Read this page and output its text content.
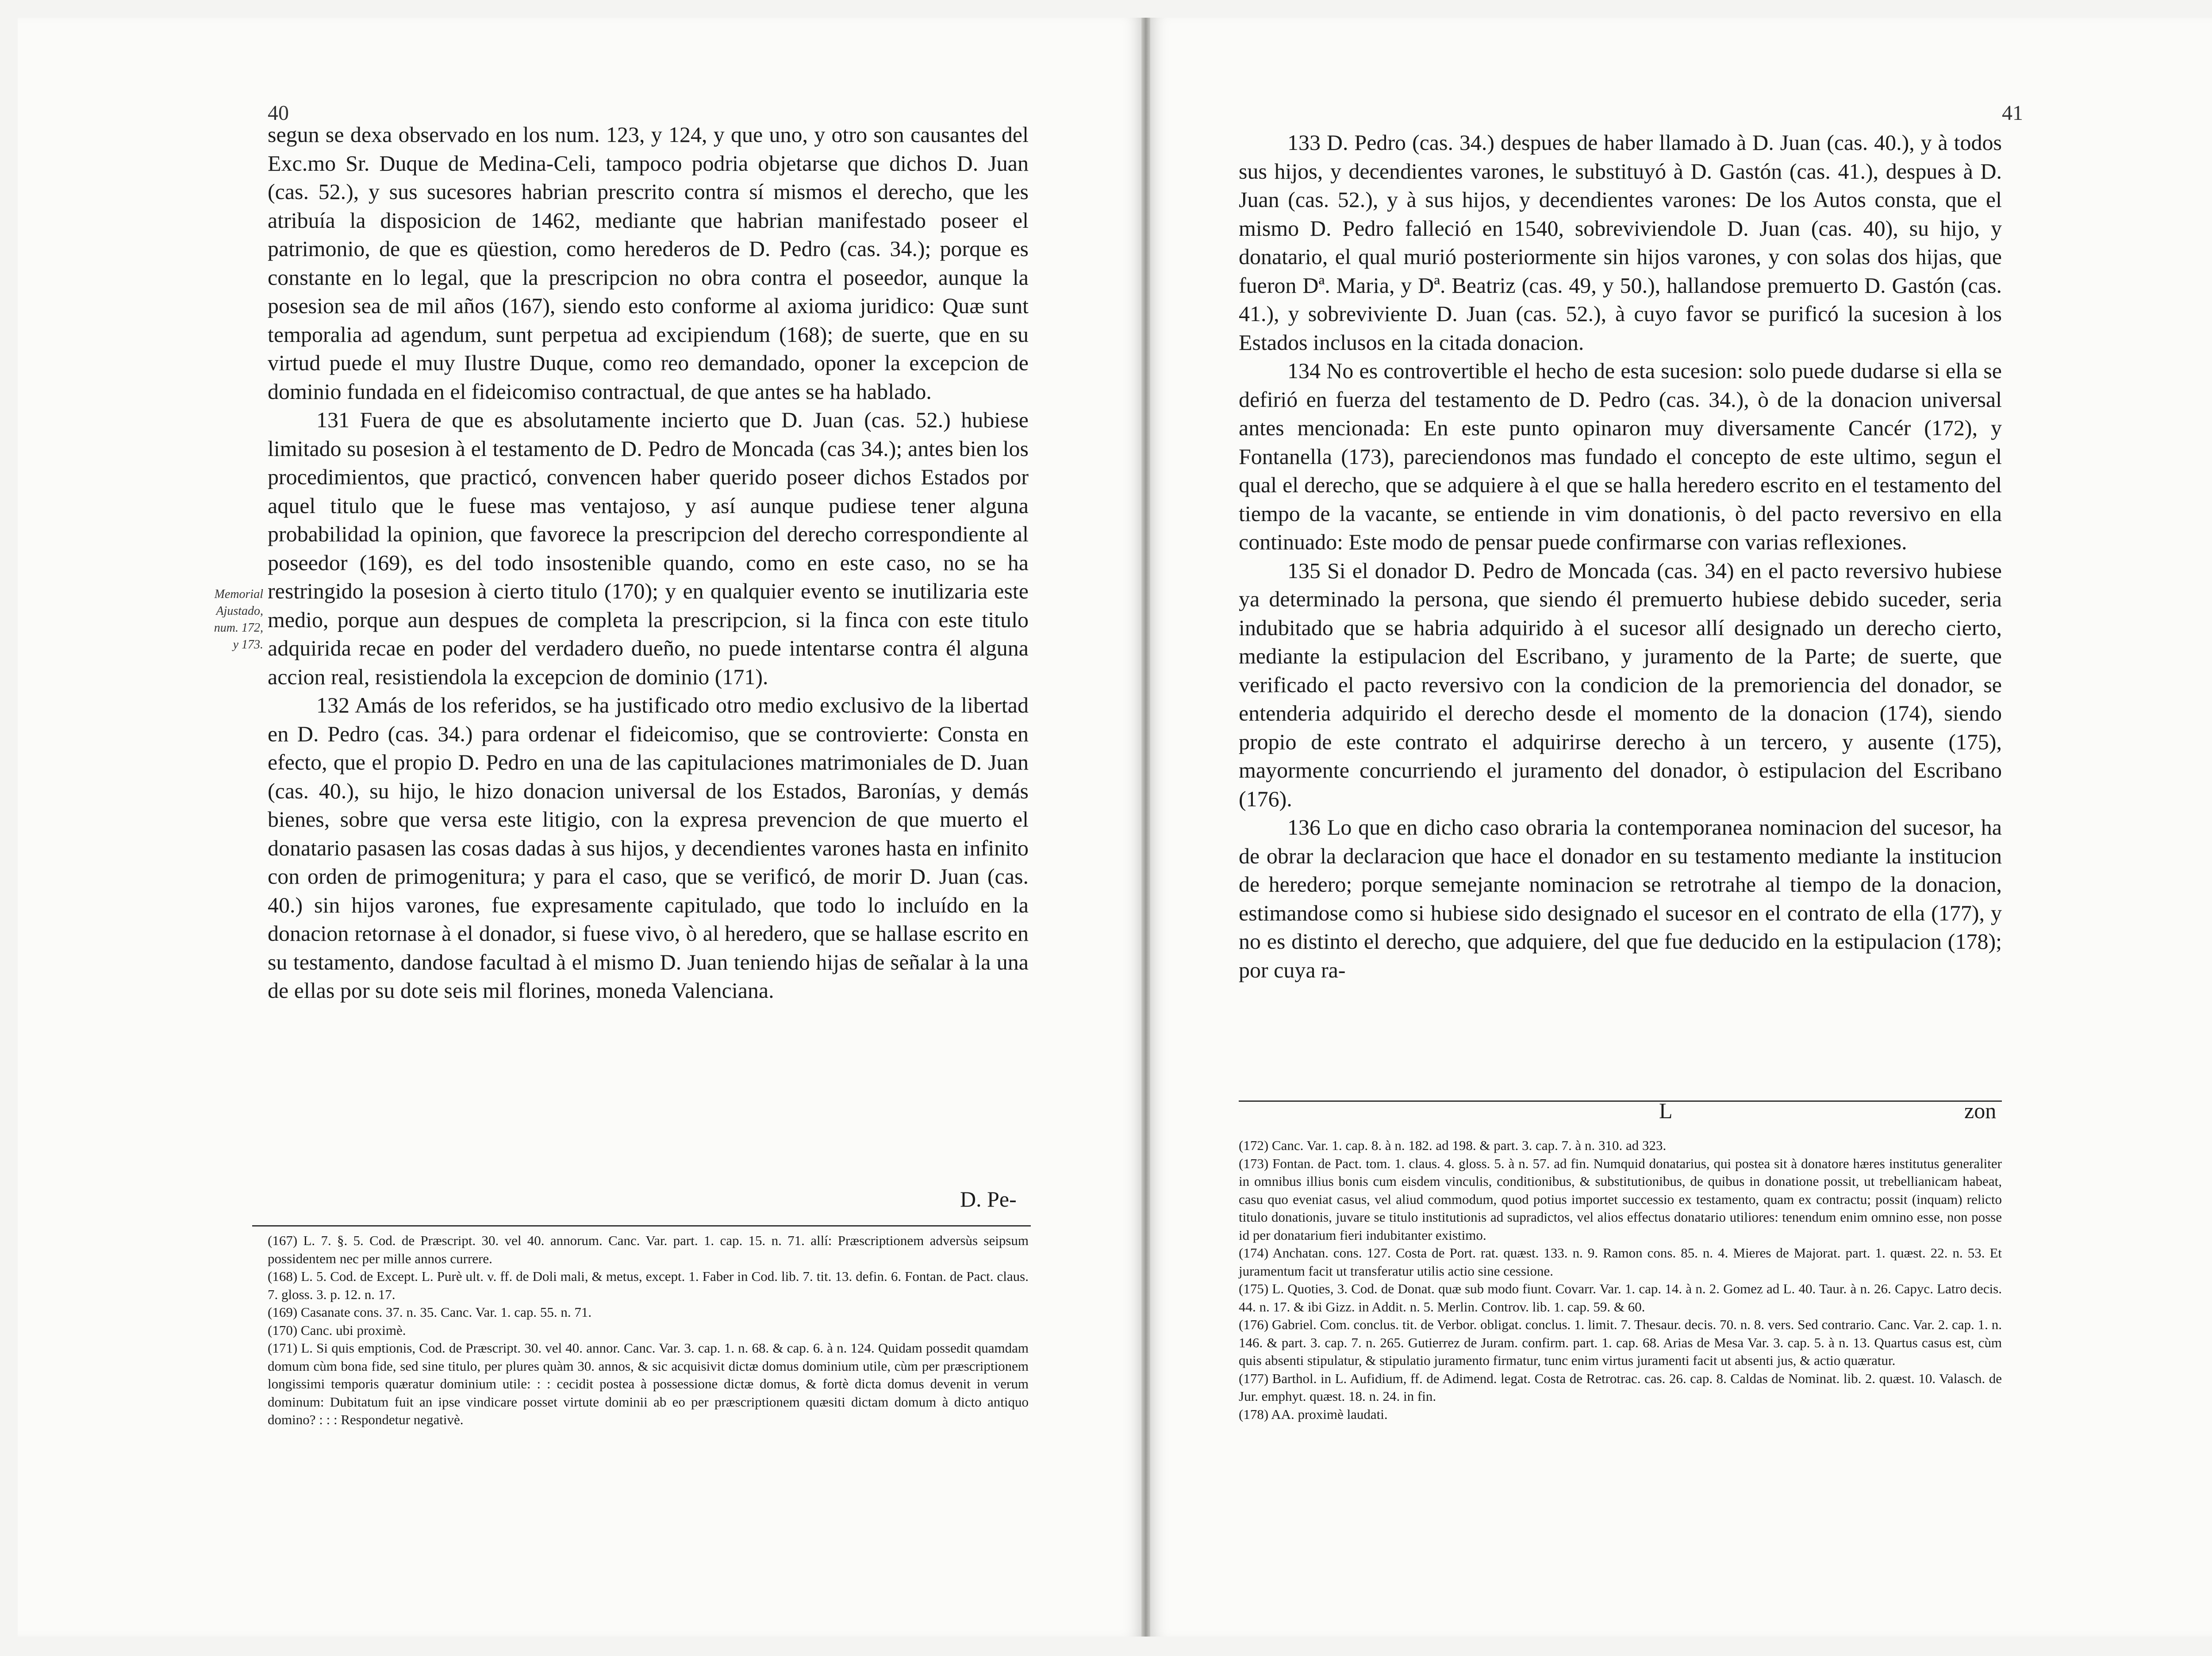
40
Memorial
Ajustado,
num. 172,
y 173.

segun se dexa observado en los num. 123, y 124, y que uno, y otro son causantes del Exc.mo Sr. Duque de Medina-Celi, tampoco podria objetarse que dichos D. Juan (cas. 52.), y sus sucesores habrian prescrito contra sí mismos el derecho, que les atribuía la disposicion de 1462, mediante que habrian manifestado poseer el patrimonio, de que es qüestion, como herederos de D. Pedro (cas. 34.); porque es constante en lo legal, que la prescripcion no obra contra el poseedor, aunque la posesion sea de mil años (167), siendo esto conforme al axioma juridico: Quæ sunt temporalia ad agendum, sunt perpetua ad excipiendum (168); de suerte, que en su virtud puede el muy Ilustre Duque, como reo demandado, oponer la excepcion de dominio fundada en el fideicomiso contractual, de que antes se ha hablado.

131 Fuera de que es absolutamente incierto que D. Juan (cas. 52.) hubiese limitado su posesion à el testamento de D. Pedro de Moncada (cas 34.); antes bien los procedimientos, que practicó, convencen haber querido poseer dichos Estados por aquel titulo que le fuese mas ventajoso, y así aunque pudiese tener alguna probabilidad la opinion, que favorece la prescripcion del derecho correspondiente al poseedor (169), es del todo insostenible quando, como en este caso, no se ha restringido la posesion à cierto titulo (170); y en qualquier evento se inutilizaria este medio, porque aun despues de completa la prescripcion, si la finca con este titulo adquirida recae en poder del verdadero dueño, no puede intentarse contra él alguna accion real, resistiendola la excepcion de dominio (171).

132 Amás de los referidos, se ha justificado otro medio exclusivo de la libertad en D. Pedro (cas. 34.) para ordenar el fideicomiso, que se controvierte: Consta en efecto, que el propio D. Pedro en una de las capitulaciones matrimoniales de D. Juan (cas. 40.), su hijo, le hizo donacion universal de los Estados, Baronías, y demás bienes, sobre que versa este litigio, con la expresa prevencion de que muerto el donatario pasasen las cosas dadas à sus hijos, y decendientes varones hasta en infinito con orden de primogenitura; y para el caso, que se verificó, de morir D. Juan (cas. 40.) sin hijos varones, fue expresamente capitulado, que todo lo incluído en la donacion retornase à el donador, si fuese vivo, ò al heredero, que se hallase escrito en su testamento, dandose facultad à el mismo D. Juan teniendo hijas de señalar à la una de ellas por su dote seis mil florines, moneda Valenciana.

D. Pe-

(167) L. 7. §. 5. Cod. de Præscript. 30. vel 40. annorum. Canc. Var. part. 1. cap. 15. n. 71. allí: Præscriptionem adversùs seipsum possidentem nec per mille annos currere.

(168) L. 5. Cod. de Except. L. Purè ult. v. ff. de Doli mali, & metus, except. 1. Faber in Cod. lib. 7. tit. 13. defin. 6. Fontan. de Pact. claus. 7. gloss. 3. p. 12. n. 17.

(169) Casanate cons. 37. n. 35. Canc. Var. 1. cap. 55. n. 71.

(170) Canc. ubi proximè.

(171) L. Si quis emptionis, Cod. de Præscript. 30. vel 40. annor. Canc. Var. 3. cap. 1. n. 68. & cap. 6. à n. 124. Quidam possedit quamdam domum cùm bona fide, sed sine titulo, per plures quàm 30. annos, & sic acquisivit dictæ domus dominium utile, cùm per præscriptionem longissimi temporis quæratur dominium utile: : : cecidit postea à possessione dictæ domus, & fortè dicta domus devenit in verum dominum: Dubitatum fuit an ipse vindicare posset virtute dominii ab eo per præscriptionem quæsiti dictam domum à dicto antiquo domino? : : : Respondetur negativè.

41

133 D. Pedro (cas. 34.) despues de haber llamado à D. Juan (cas. 40.), y à todos sus hijos, y decendientes varones, le substituyó à D. Gastón (cas. 41.), despues à D. Juan (cas. 52.), y à sus hijos, y decendientes varones: De los Autos consta, que el mismo D. Pedro falleció en 1540, sobreviviendole D. Juan (cas. 40), su hijo, y donatario, el qual murió posteriormente sin hijos varones, y con solas dos hijas, que fueron Dª. Maria, y Dª. Beatriz (cas. 49, y 50.), hallandose premuerto D. Gastón (cas. 41.), y sobreviviente D. Juan (cas. 52.), à cuyo favor se purificó la sucesion à los Estados inclusos en la citada donacion.

134 No es controvertible el hecho de esta sucesion: solo puede dudarse si ella se defirió en fuerza del testamento de D. Pedro (cas. 34.), ò de la donacion universal antes mencionada: En este punto opinaron muy diversamente Cancér (172), y Fontanella (173), pareciendonos mas fundado el concepto de este ultimo, segun el qual el derecho, que se adquiere à el que se halla heredero escrito en el testamento del tiempo de la vacante, se entiende in vim donationis, ò del pacto reversivo en ella continuado: Este modo de pensar puede confirmarse con varias reflexiones.

135 Si el donador D. Pedro de Moncada (cas. 34) en el pacto reversivo hubiese ya determinado la persona, que siendo él premuerto hubiese debido suceder, seria indubitado que se habria adquirido à el sucesor allí designado un derecho cierto, mediante la estipulacion del Escribano, y juramento de la Parte; de suerte, que verificado el pacto reversivo con la condicion de la premoriencia del donador, se entenderia adquirido el derecho desde el momento de la donacion (174), siendo propio de este contrato el adquirirse derecho à un tercero, y ausente (175), mayormente concurriendo el juramento del donador, ò estipulacion del Escribano (176).

136 Lo que en dicho caso obraria la contemporanea nominacion del sucesor, ha de obrar la declaracion que hace el donador en su testamento mediante la institucion de heredero; porque semejante nominacion se retrotrahe al tiempo de la donacion, estimandose como si hubiese sido designado el sucesor en el contrato de ella (177), y no es distinto el derecho, que adquiere, del que fue deducido en la estipulacion (178); por cuya ra-

L	zon

(172) Canc. Var. 1. cap. 8. à n. 182. ad 198. & part. 3. cap. 7. à n. 310. ad 323.

(173) Fontan. de Pact. tom. 1. claus. 4. gloss. 5. à n. 57. ad fin. Numquid donatarius, qui postea sit à donatore hæres institutus generaliter in omnibus illius bonis cum eisdem vinculis, conditionibus, & substitutionibus, de quibus in donatione possit, ut trebellianicam habeat, casu quo eveniat casus, vel aliud commodum, quod potius importet successio ex testamento, quam ex contractu; possit (inquam) relicto titulo donationis, juvare se titulo institutionis ad supradictos, vel alios effectus donatario utiliores: tenendum enim omnino esse, non posse id per donatarium fieri indubitanter existimo.

(174) Anchatan. cons. 127. Costa de Port. rat. quæst. 133. n. 9. Ramon cons. 85. n. 4. Mieres de Majorat. part. 1. quæst. 22. n. 53. Et juramentum facit ut transferatur utilis actio sine cessione.

(175) L. Quoties, 3. Cod. de Donat. quæ sub modo fiunt. Covarr. Var. 1. cap. 14. à n. 2. Gomez ad L. 40. Taur. à n. 26. Capyc. Latro decis. 44. n. 17. & ibi Gizz. in Addit. n. 5. Merlin. Controv. lib. 1. cap. 59. & 60.

(176) Gabriel. Com. conclus. tit. de Verbor. obligat. conclus. 1. limit. 7. Thesaur. decis. 70. n. 8. vers. Sed contrario. Canc. Var. 2. cap. 1. n. 146. & part. 3. cap. 7. n. 265. Gutierrez de Juram. confirm. part. 1. cap. 68. Arias de Mesa Var. 3. cap. 5. à n. 13. Quartus casus est, cùm quis absenti stipulatur, & stipulatio juramento firmatur, tunc enim virtus juramenti facit ut absenti jus, & actio quæratur.

(177) Barthol. in L. Aufidium, ff. de Adimend. legat. Costa de Retrotrac. cas. 26. cap. 8. Caldas de Nominat. lib. 2. quæst. 10. Valasch. de Jur. emphyt. quæst. 18. n. 24. in fin.

(178) AA. proximè laudati.
